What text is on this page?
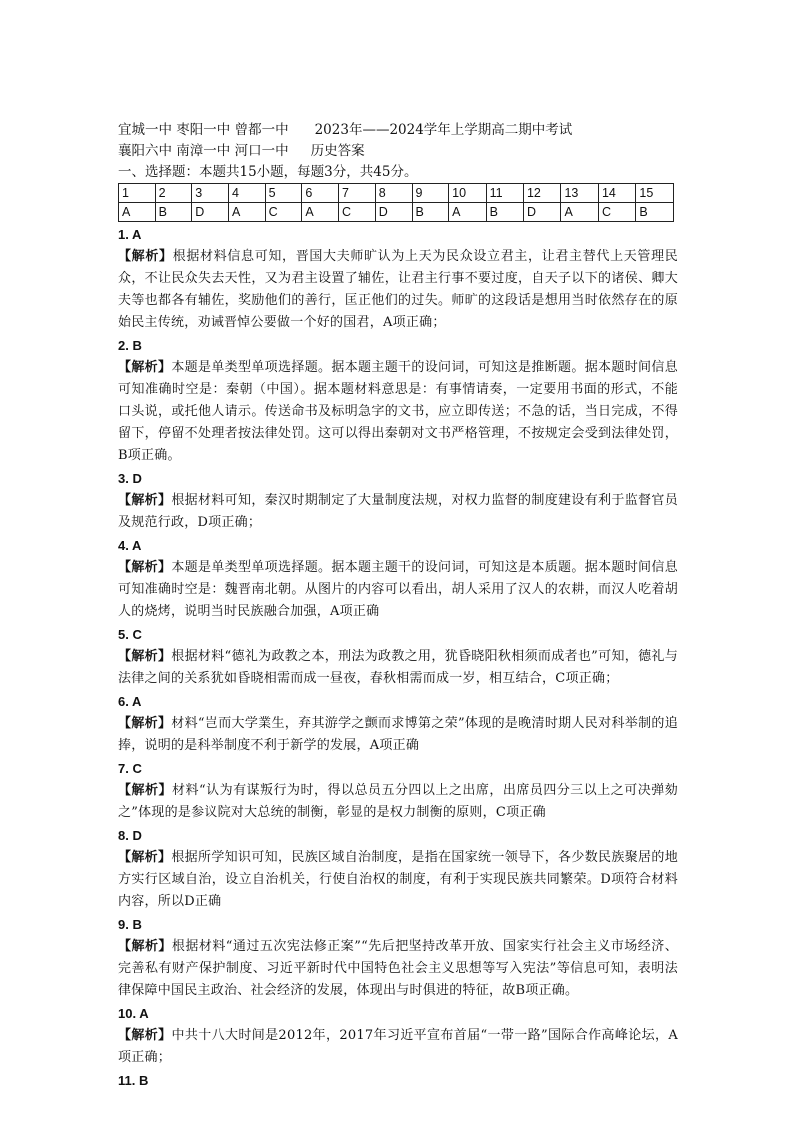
宜城一中 枣阳一中 曾都一中 2023年——2024学年上学期高二期中考试
襄阳六中 南漳一中 河口一中 历史答案
一、选择题：本题共15小题，每题3分，共45分。
1	2	3	4	5	6	7	8	9	10	11	12	13	14	15
A	B	D	A	C	A	C	D	B	A	B	D	A	C	B
1. A
【解析】根据材料信息可知，晋国大夫师旷认为上天为民众设立君主，让君主替代上天管理民众，不让民众失去天性，又为君主设置了辅佐，让君主行事不要过度，自天子以下的诸侯、卿大夫等也都各有辅佐，奖励他们的善行，匡正他们的过失。师旷的这段话是想用当时依然存在的原始民主传统，劝诫晋悼公要做一个好的国君，A项正确；
2. B
【解析】本题是单类型单项选择题。据本题主题干的设问词，可知这是推断题。据本题时间信息可知准确时空是：秦朝（中国）。据本题材料意思是：有事情请奏，一定要用书面的形式，不能口头说，或托他人请示。传送命书及标明急字的文书，应立即传送；不急的话，当日完成，不得留下，停留不处理者按法律处罚。这可以得出秦朝对文书严格管理，不按规定会受到法律处罚，B项正确。
3. D
【解析】根据材料可知，秦汉时期制定了大量制度法规，对权力监督的制度建设有利于监督官员及规范行政，D项正确；
4. A
【解析】本题是单类型单项选择题。据本题主题干的设问词，可知这是本质题。据本题时间信息可知准确时空是：魏晋南北朝。从图片的内容可以看出，胡人采用了汉人的农耕，而汉人吃着胡人的烧烤，说明当时民族融合加强，A项正确
5. C
【解析】根据材料“德礼为政教之本，刑法为政教之用，犹昏晓阳秋相须而成者也”可知，德礼与法律之间的关系犹如昏晓相需而成一昼夜，春秋相需而成一岁，相互结合，C项正确；
6. A
【解析】材料“岂而大学業生，弃其游学之颤而求博第之荣”体现的是晚清时期人民对科举制的追捧，说明的是科举制度不利于新学的发展，A项正确
7. C
【解析】材料“认为有谋叛行为时，得以总员五分四以上之出席，出席员四分三以上之可决弹劾之”体现的是参议院对大总统的制衡，彰显的是权力制衡的原则，C项正确
8. D
【解析】根据所学知识可知，民族区域自治制度，是指在国家统一领导下，各少数民族聚居的地方实行区域自治，设立自治机关，行使自治权的制度，有利于实现民族共同繁荣。D项符合材料内容，所以D正确
9. B
【解析】根据材料“通过五次宪法修正案”“先后把坚持改革开放、国家实行社会主义市场经济、完善私有财产保护制度、习近平新时代中国特色社会主义思想等写入宪法”等信息可知，表明法律保障中国民主政治、社会经济的发展，体现出与时俱进的特征，故B项正确。
10. A
【解析】中共十八大时间是2012年，2017年习近平宣布首届“一带一路”国际合作高峰论坛，A项正确；
11. B
